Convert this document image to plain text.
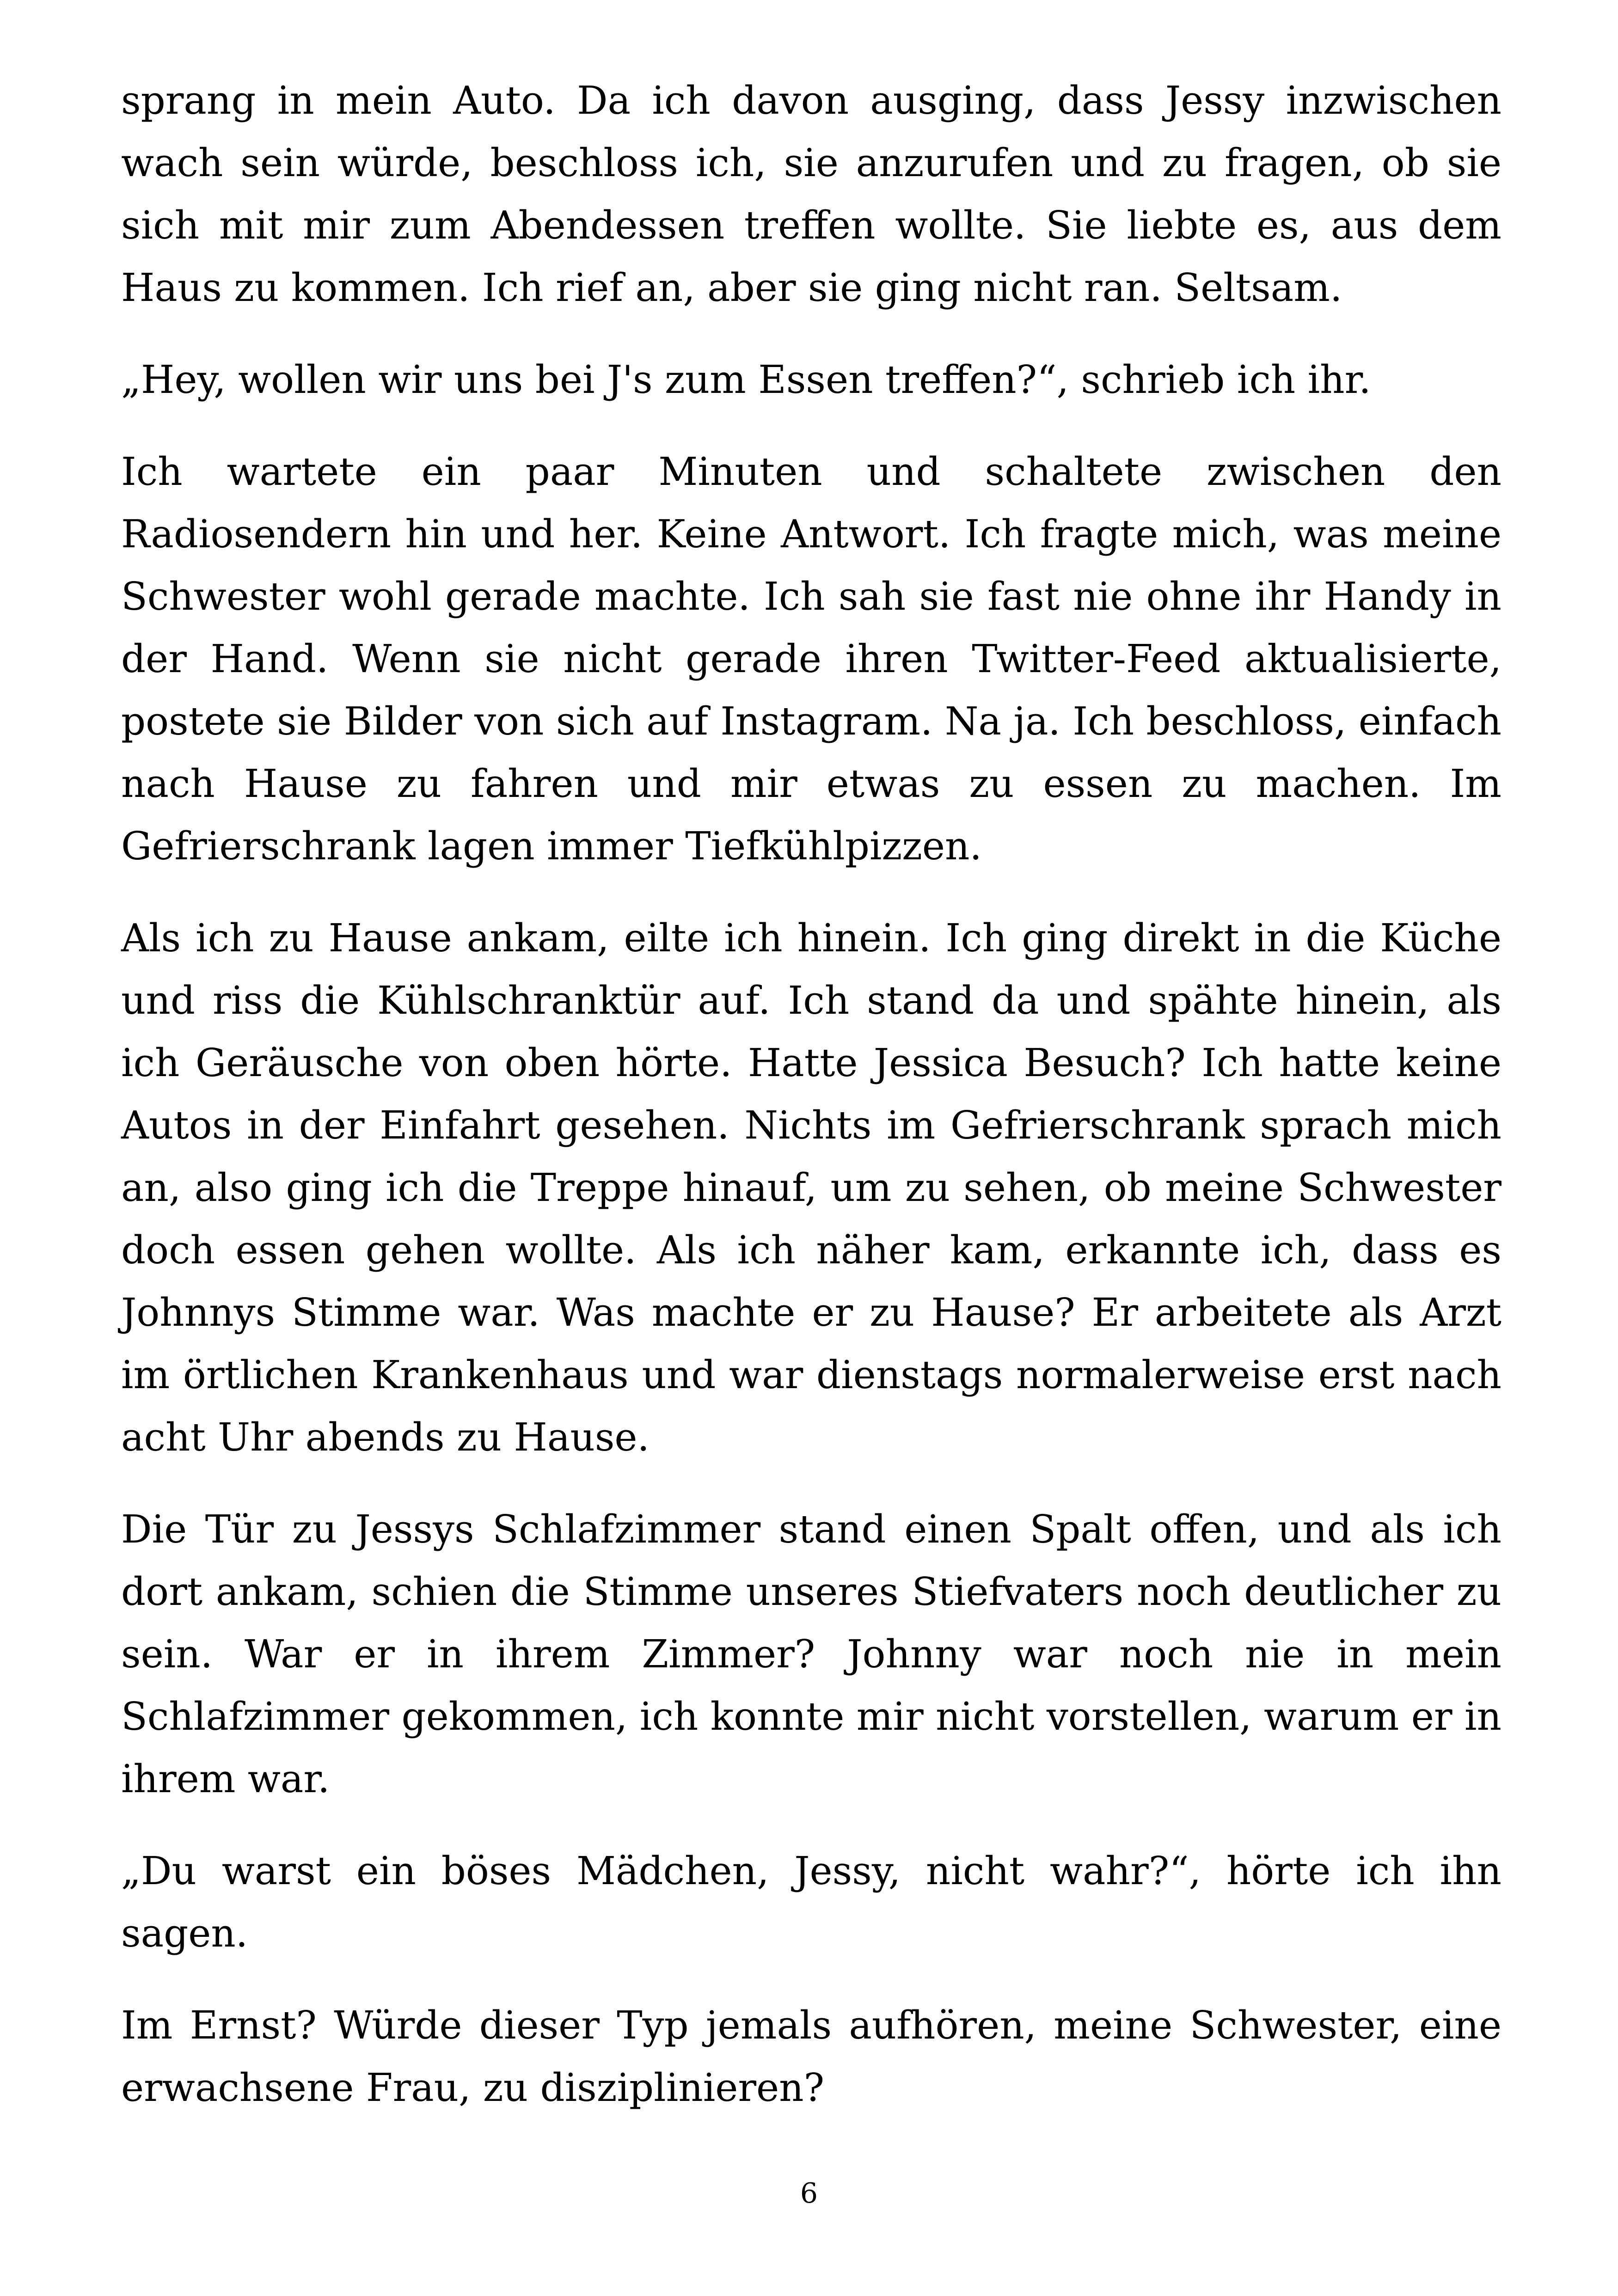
sprang in mein Auto. Da ich davon ausging, dass Jessy inzwischen wach sein würde, beschloss ich, sie anzurufen und zu fragen, ob sie sich mit mir zum Abendessen treffen wollte. Sie liebte es, aus dem Haus zu kommen. Ich rief an, aber sie ging nicht ran. Seltsam.

„Hey, wollen wir uns bei J's zum Essen treffen?“, schrieb ich ihr.

Ich wartete ein paar Minuten und schaltete zwischen den Radiosendern hin und her. Keine Antwort. Ich fragte mich, was meine Schwester wohl gerade machte. Ich sah sie fast nie ohne ihr Handy in der Hand. Wenn sie nicht gerade ihren Twitter-Feed aktualisierte, postete sie Bilder von sich auf Instagram. Na ja. Ich beschloss, einfach nach Hause zu fahren und mir etwas zu essen zu machen. Im Gefrierschrank lagen immer Tiefkühlpizzen.

Als ich zu Hause ankam, eilte ich hinein. Ich ging direkt in die Küche und riss die Kühlschranktür auf. Ich stand da und spähte hinein, als ich Geräusche von oben hörte. Hatte Jessica Besuch? Ich hatte keine Autos in der Einfahrt gesehen. Nichts im Gefrierschrank sprach mich an, also ging ich die Treppe hinauf, um zu sehen, ob meine Schwester doch essen gehen wollte. Als ich näher kam, erkannte ich, dass es Johnnys Stimme war. Was machte er zu Hause? Er arbeitete als Arzt im örtlichen Krankenhaus und war dienstags normalerweise erst nach acht Uhr abends zu Hause.

Die Tür zu Jessys Schlafzimmer stand einen Spalt offen, und als ich dort ankam, schien die Stimme unseres Stiefvaters noch deutlicher zu sein. War er in ihrem Zimmer? Johnny war noch nie in mein Schlafzimmer gekommen, ich konnte mir nicht vorstellen, warum er in ihrem war.

„Du warst ein böses Mädchen, Jessy, nicht wahr?“, hörte ich ihn sagen.

Im Ernst? Würde dieser Typ jemals aufhören, meine Schwester, eine erwachsene Frau, zu disziplinieren?

6
